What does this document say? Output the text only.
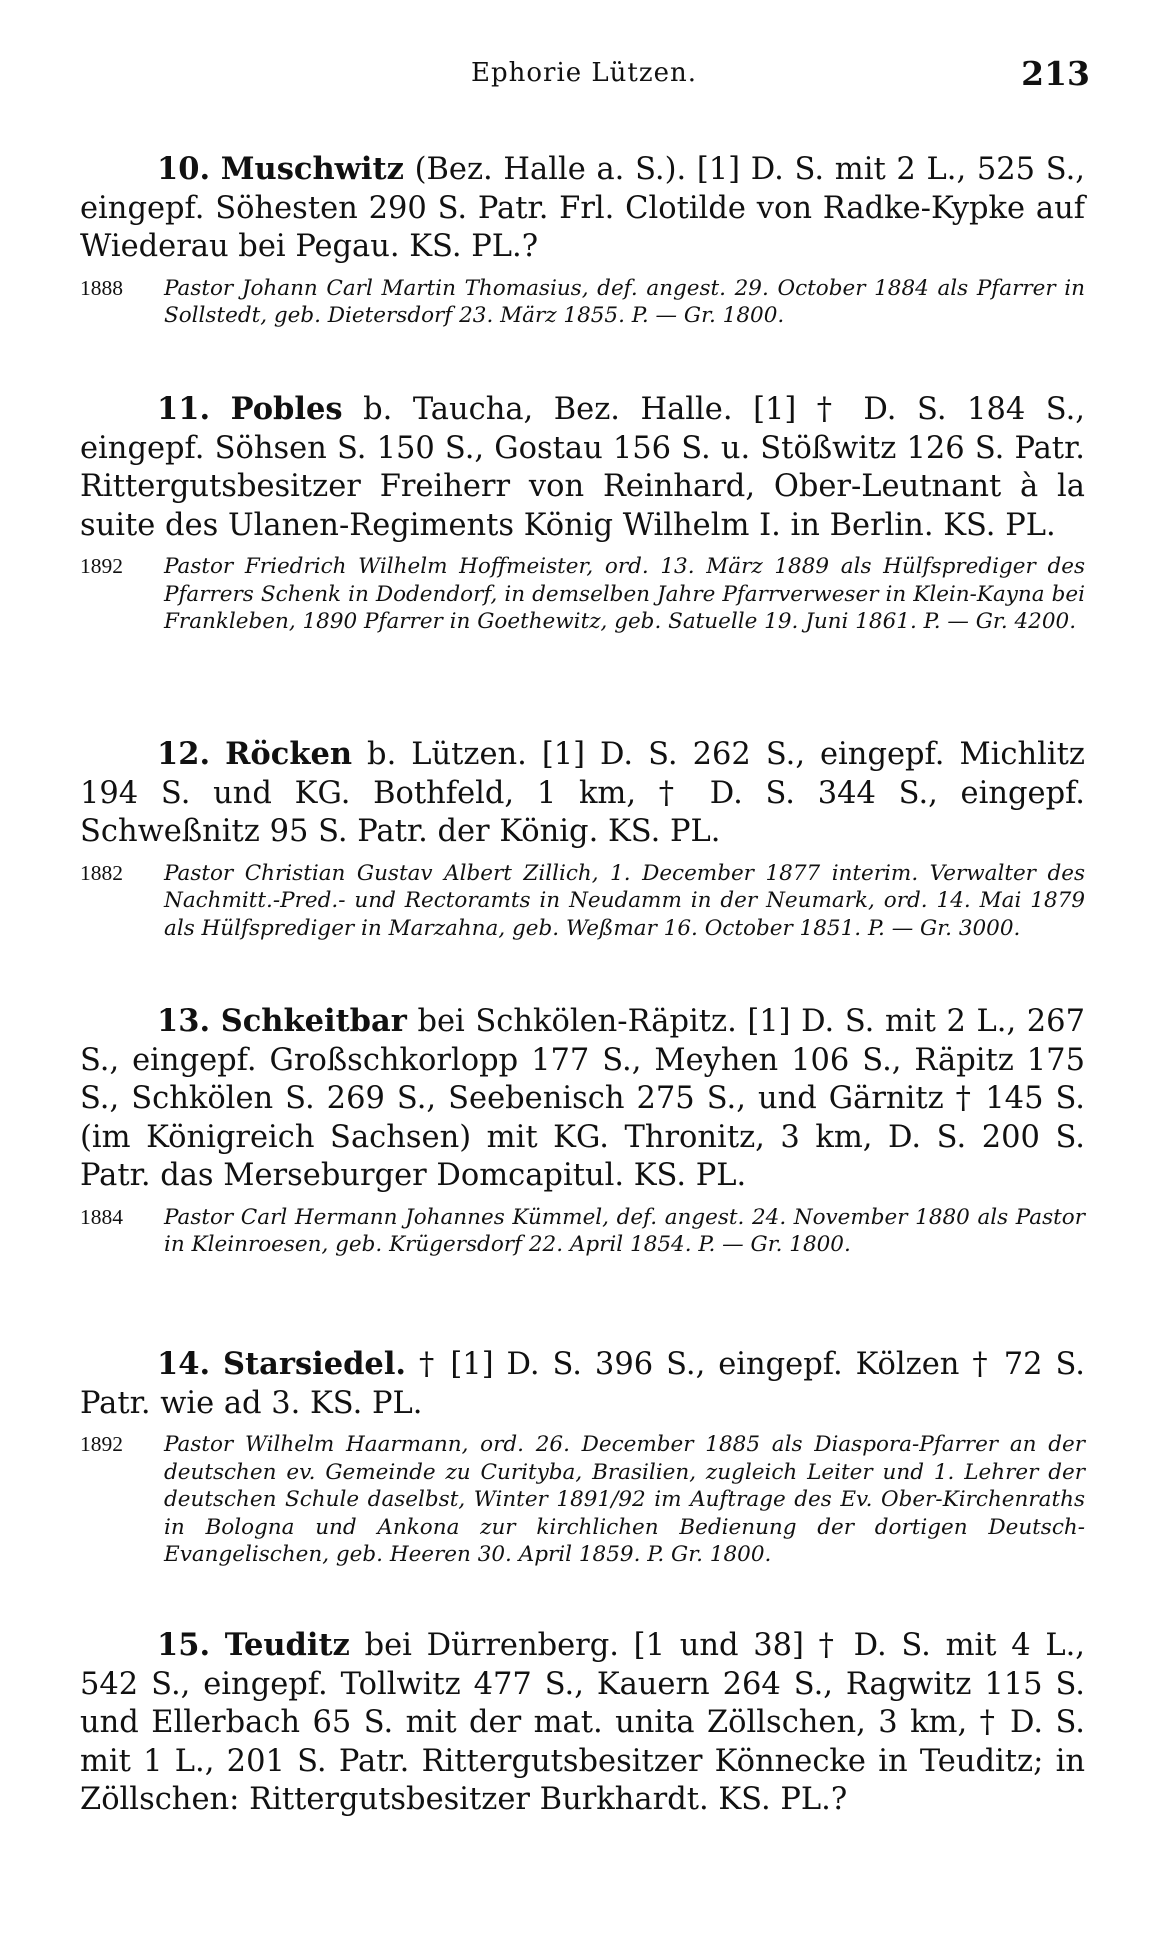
Ephorie Lützen.	213

10. Muschwitz (Bez. Halle a. S.). [1] D. S. mit 2 L., 525 S., eingepf. Söhesten 290 S. Patr. Frl. Clotilde von Radke-Kypke auf Wiederau bei Pegau. KS. PL.?

1888	Pastor Johann Carl Martin Thomasius, def. angest. 29. October 1884 als Pfarrer in Sollstedt, geb. Dietersdorf 23. März 1855. P. — Gr. 1800.

11. Pobles b. Taucha, Bez. Halle. [1] † D. S. 184 S., eingepf. Söhsen S. 150 S., Gostau 156 S. u. Stößwitz 126 S. Patr. Rittergutsbesitzer Freiherr von Reinhard, Ober-Leutnant à la suite des Ulanen-Regiments König Wilhelm I. in Berlin. KS. PL.

1892	Pastor Friedrich Wilhelm Hoffmeister, ord. 13. März 1889 als Hülfsprediger des Pfarrers Schenk in Dodendorf, in demselben Jahre Pfarrverweser in Klein-Kayna bei Frankleben, 1890 Pfarrer in Goethewitz, geb. Satuelle 19. Juni 1861. P. — Gr. 4200.

12. Röcken b. Lützen. [1] D. S. 262 S., eingepf. Michlitz 194 S. und KG. Bothfeld, 1 km, † D. S. 344 S., eingepf. Schweßnitz 95 S. Patr. der König. KS. PL.

1882	Pastor Christian Gustav Albert Zillich, 1. December 1877 interim. Verwalter des Nachmitt.-Pred.- und Rectoramts in Neudamm in der Neumark, ord. 14. Mai 1879 als Hülfsprediger in Marzahna, geb. Weßmar 16. October 1851. P. — Gr. 3000.

13. Schkeitbar bei Schkölen-Räpitz. [1] D. S. mit 2 L., 267 S., eingepf. Großschkorlopp 177 S., Meyhen 106 S., Räpitz 175 S., Schkölen S. 269 S., Seebenisch 275 S., und Gärnitz † 145 S. (im Königreich Sachsen) mit KG. Thronitz, 3 km, D. S. 200 S. Patr. das Merseburger Domcapitul. KS. PL.

1884	Pastor Carl Hermann Johannes Kümmel, def. angest. 24. November 1880 als Pastor in Kleinroesen, geb. Krügersdorf 22. April 1854. P. — Gr. 1800.

14. Starsiedel. † [1] D. S. 396 S., eingepf. Kölzen † 72 S. Patr. wie ad 3. KS. PL.

1892	Pastor Wilhelm Haarmann, ord. 26. December 1885 als Diaspora-Pfarrer an der deutschen ev. Gemeinde zu Curityba, Brasilien, zugleich Leiter und 1. Lehrer der deutschen Schule daselbst, Winter 1891/92 im Auftrage des Ev. Ober-Kirchenraths in Bologna und Ankona zur kirchlichen Bedienung der dortigen Deutsch-Evangelischen, geb. Heeren 30. April 1859. P. Gr. 1800.

15. Teuditz bei Dürrenberg. [1 und 38] † D. S. mit 4 L., 542 S., eingepf. Tollwitz 477 S., Kauern 264 S., Ragwitz 115 S. und Ellerbach 65 S. mit der mat. unita Zöllschen, 3 km, † D. S. mit 1 L., 201 S. Patr. Rittergutsbesitzer Könnecke in Teuditz; in Zöllschen: Rittergutsbesitzer Burkhardt. KS. PL.?
